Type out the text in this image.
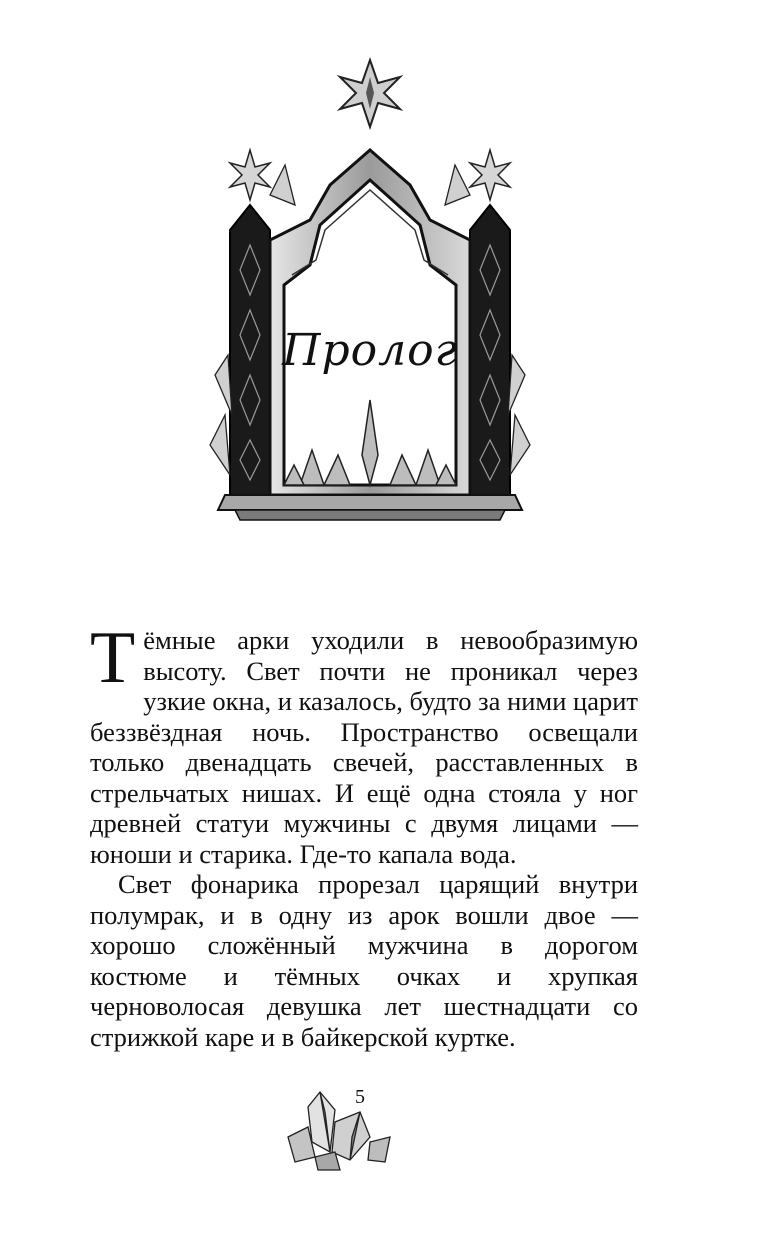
Пролог

Тёмные арки уходили в невообразимую высоту. Свет почти не проникал через узкие окна, и казалось, будто за ними царит беззвёздная ночь. Пространство освещали только двенадцать свечей, расставленных в стрельчатых нишах. И ещё одна стояла у ног древней статуи мужчины с двумя лицами — юноши и старика. Где-то капала вода.

Свет фонарика прорезал царящий внутри полумрак, и в одну из арок вошли двое — хорошо сложённый мужчина в дорогом костюме и тёмных очках и хрупкая черноволосая девушка лет шестнадцати со стрижкой каре и в байкерской куртке.

5
